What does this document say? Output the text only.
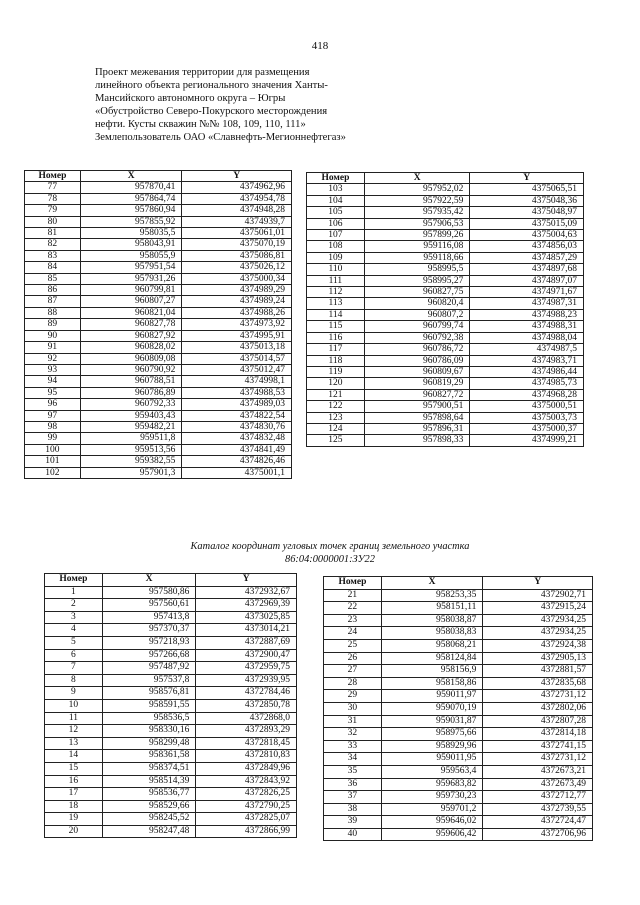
418
Проект межевания территории для размещения
линейного объекта регионального значения Ханты-
Мансийского автономного округа – Югры
«Обустройство Северо-Покурского месторождения
нефти. Кусты скважин №№ 108, 109, 110, 111»
Землепользователь ОАО «Славнефть-Мегионнефтегаз»
Номер	X	Y
77	957870,41	4374962,96
78	957864,74	4374954,78
79	957860,94	4374948,28
80	957855,92	4374939,7
81	958035,5	4375061,01
82	958043,91	4375070,19
83	958055,9	4375086,81
84	957951,54	4375026,12
85	957931,26	4375000,34
86	960799,81	4374989,29
87	960807,27	4374989,24
88	960821,04	4374988,26
89	960827,78	4374973,92
90	960827,92	4374995,91
91	960828,02	4375013,18
92	960809,08	4375014,57
93	960790,92	4375012,47
94	960788,51	4374998,1
95	960786,89	4374988,53
96	960792,33	4374989,03
97	959403,43	4374822,54
98	959482,21	4374830,76
99	959511,8	4374832,48
100	959513,56	4374841,49
101	959382,55	4374826,46
102	957901,3	4375001,1
Номер	X	Y
103	957952,02	4375065,51
104	957922,59	4375048,36
105	957935,42	4375048,97
106	957906,53	4375015,09
107	957899,26	4375004,63
108	959116,08	4374856,03
109	959118,66	4374857,29
110	958995,5	4374897,68
111	958995,27	4374897,07
112	960827,75	4374971,67
113	960820,4	4374987,31
114	960807,2	4374988,23
115	960799,74	4374988,31
116	960792,38	4374988,04
117	960786,72	4374987,5
118	960786,09	4374983,71
119	960809,67	4374986,44
120	960819,29	4374985,73
121	960827,72	4374968,28
122	957900,51	4375000,51
123	957898,64	4375003,73
124	957896,31	4375000,37
125	957898,33	4374999,21
Каталог координат угловых точек границ земельного участка
86:04:0000001:ЗУ22
Номер	X	Y
1	957580,86	4372932,67
2	957560,61	4372969,39
3	957413,8	4373025,85
4	957370,37	4373014,21
5	957218,93	4372887,69
6	957266,68	4372900,47
7	957487,92	4372959,75
8	957537,8	4372939,95
9	958576,81	4372784,46
10	958591,55	4372850,78
11	958536,5	4372868,0
12	958330,16	4372893,29
13	958299,48	4372818,45
14	958361,58	4372810,83
15	958374,51	4372849,96
16	958514,39	4372843,92
17	958536,77	4372826,25
18	958529,66	4372790,25
19	958245,52	4372825,07
20	958247,48	4372866,99
Номер	X	Y
21	958253,35	4372902,71
22	958151,11	4372915,24
23	958038,87	4372934,25
24	958038,83	4372934,25
25	958068,21	4372924,38
26	958124,84	4372905,13
27	958156,9	4372881,57
28	958158,86	4372835,68
29	959011,97	4372731,12
30	959070,19	4372802,06
31	959031,87	4372807,28
32	958975,66	4372814,18
33	958929,96	4372741,15
34	959011,95	4372731,12
35	959563,4	4372673,21
36	959683,82	4372673,49
37	959730,23	4372712,77
38	959701,2	4372739,55
39	959646,02	4372724,47
40	959606,42	4372706,96
